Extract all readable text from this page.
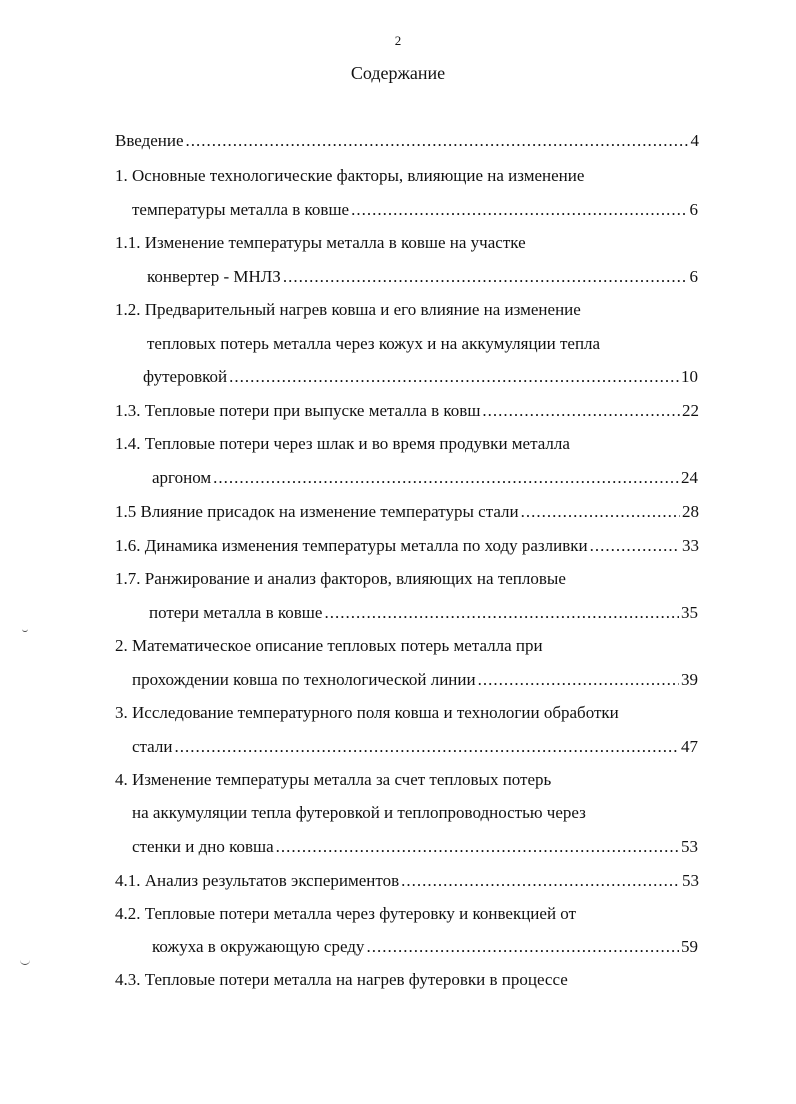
2
Содержание
Введение .....	4
1. Основные технологические факторы, влияющие на изменение
температуры металла в ковше .....	6
1.1. Изменение температуры металла в ковше на участке
конвертер - МНЛЗ .....	6
1.2. Предварительный нагрев ковша и его влияние на изменение
тепловых потерь металла через кожух и на аккумуляции тепла
футеровкой .....	10
1.3. Тепловые потери при выпуске металла в ковш .....	22
1.4. Тепловые потери через шлак и во время продувки металла
аргоном .....	24
1.5 Влияние присадок на изменение температуры стали .....	28
1.6. Динамика изменения температуры металла по ходу разливки .....	33
1.7. Ранжирование и анализ факторов, влияющих на тепловые
потери металла в ковше .....	35
2. Математическое описание тепловых потерь металла при
прохождении ковша по технологической линии .....	39
3. Исследование температурного поля ковша и технологии обработки
стали .....	47
4. Изменение температуры металла за счет тепловых потерь
на аккумуляции тепла футеровкой и теплопроводностью через
стенки и дно ковша .....	53
4.1. Анализ результатов экспериментов .....	53
4.2. Тепловые потери металла через футеровку и конвекцией от
кожуха в окружающую среду .....	59
4.3. Тепловые потери металла на нагрев футеровки в процессе
